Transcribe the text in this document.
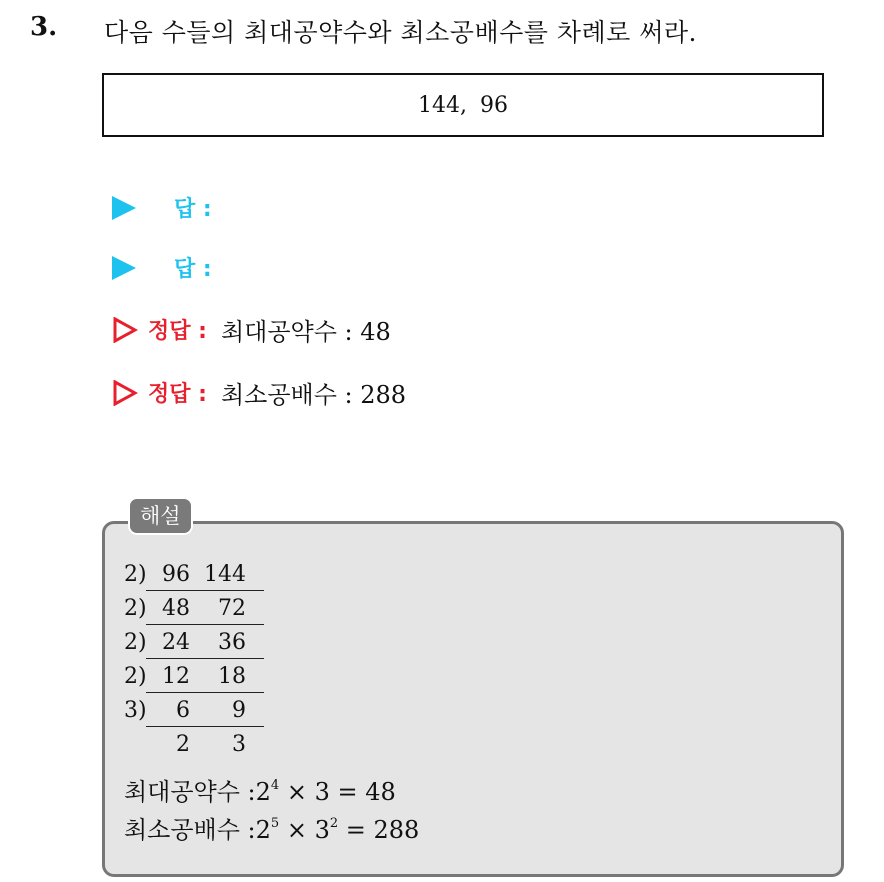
3. 다음 수들의 최대공약수와 최소공배수를 차례로 써라.
144, 96
답 :
답 :
정답 : 최대공약수 : 48
정답 : 최소공배수 : 288
해설
2 ) 96 144
2 ) 48	72
2 ) 24	36
2 ) 12	18
3 )	6	9
2	3
최대공약수 $:2^4 \times 3 = 48$
최소공배수 $:2^5 \times 3^2 = 288$
